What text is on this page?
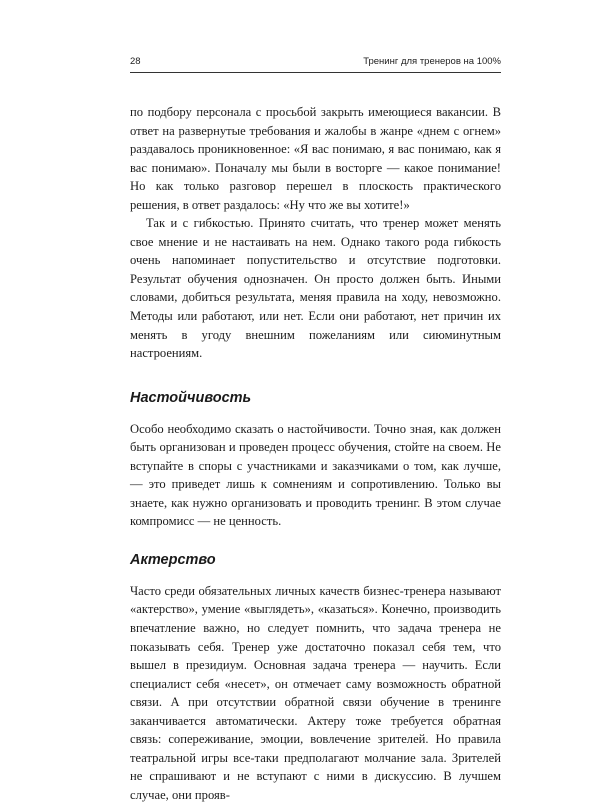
28	Тренинг для тренеров на 100%

по подбору персонала с просьбой закрыть имеющиеся вакансии. В ответ на развернутые требования и жалобы в жанре «днем с огнем» раздавалось проникновенное: «Я вас понимаю, я вас понимаю, как я вас понимаю». Поначалу мы были в восторге — какое понимание! Но как только разговор перешел в плоскость практического решения, в ответ раздалось: «Ну что же вы хотите!»

Так и с гибкостью. Принято считать, что тренер может менять свое мнение и не настаивать на нем. Однако такого рода гибкость очень напоминает попустительство и отсутствие подготовки. Результат обучения однозначен. Он просто должен быть. Иными словами, добиться результата, меняя правила на ходу, невозможно. Методы или работают, или нет. Если они работают, нет причин их менять в угоду внешним пожеланиям или сиюминутным настроениям.

Настойчивость

Особо необходимо сказать о настойчивости. Точно зная, как должен быть организован и проведен процесс обучения, стойте на своем. Не вступайте в споры с участниками и заказчиками о том, как лучше, — это приведет лишь к сомнениям и сопротивлению. Только вы знаете, как нужно организовать и проводить тренинг. В этом случае компромисс — не ценность.

Актерство

Часто среди обязательных личных качеств бизнес-тренера называют «актерство», умение «выглядеть», «казаться». Конечно, производить впечатление важно, но следует помнить, что задача тренера не показывать себя. Тренер уже достаточно показал себя тем, что вышел в президиум. Основная задача тренера — научить. Если специалист себя «несет», он отмечает саму возможность обратной связи. А при отсутствии обратной связи обучение в тренинге заканчивается автоматически. Актеру тоже требуется обратная связь: сопереживание, эмоции, вовлечение зрителей. Но правила театральной игры все-таки предполагают молчание зала. Зрителей не спрашивают и не вступают с ними в дискуссию. В лучшем случае, они прояв-
